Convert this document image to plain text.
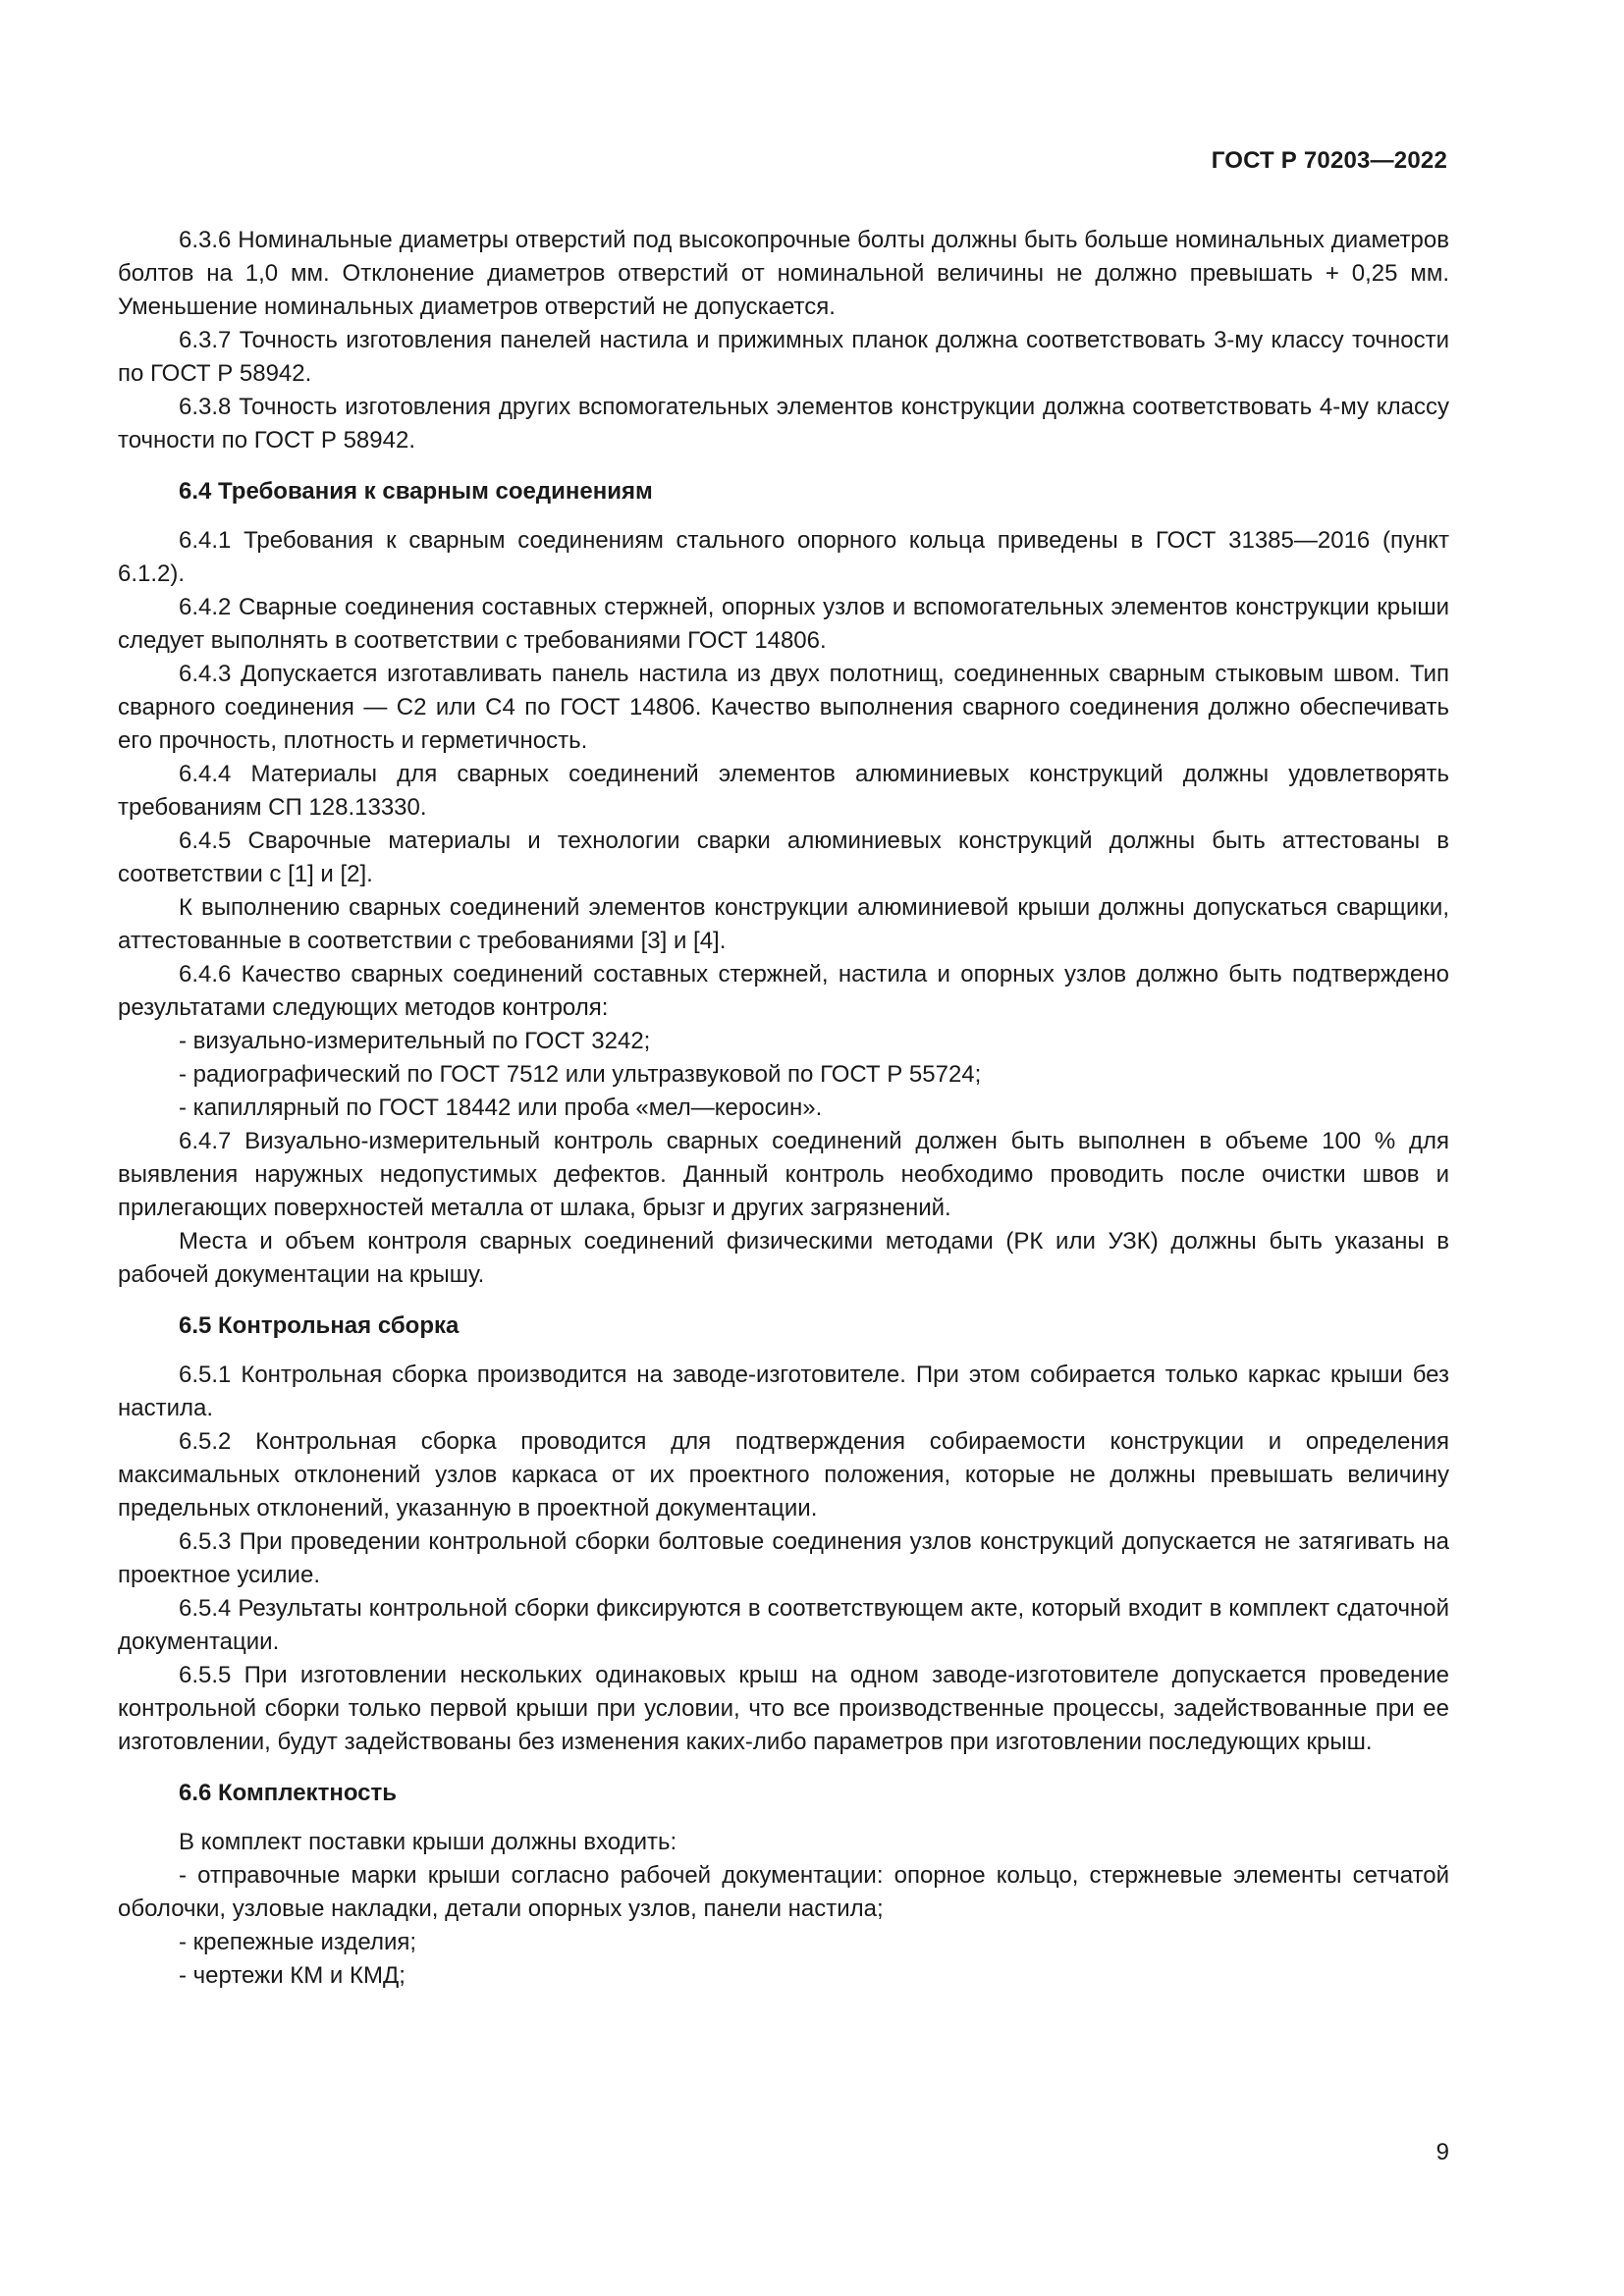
ГОСТ Р 70203—2022

6.3.6 Номинальные диаметры отверстий под высокопрочные болты должны быть больше номинальных диаметров болтов на 1,0 мм. Отклонение диаметров отверстий от номинальной величины не должно превышать + 0,25 мм. Уменьшение номинальных диаметров отверстий не допускается.

6.3.7 Точность изготовления панелей настила и прижимных планок должна соответствовать 3-му классу точности по ГОСТ Р 58942.

6.3.8 Точность изготовления других вспомогательных элементов конструкции должна соответствовать 4-му классу точности по ГОСТ Р 58942.

6.4 Требования к сварным соединениям

6.4.1 Требования к сварным соединениям стального опорного кольца приведены в ГОСТ 31385—2016 (пункт 6.1.2).

6.4.2 Сварные соединения составных стержней, опорных узлов и вспомогательных элементов конструкции крыши следует выполнять в соответствии с требованиями ГОСТ 14806.

6.4.3 Допускается изготавливать панель настила из двух полотнищ, соединенных сварным стыковым швом. Тип сварного соединения — С2 или С4 по ГОСТ 14806. Качество выполнения сварного соединения должно обеспечивать его прочность, плотность и герметичность.

6.4.4 Материалы для сварных соединений элементов алюминиевых конструкций должны удовлетворять требованиям СП 128.13330.

6.4.5 Сварочные материалы и технологии сварки алюминиевых конструкций должны быть аттестованы в соответствии с [1] и [2].

К выполнению сварных соединений элементов конструкции алюминиевой крыши должны допускаться сварщики, аттестованные в соответствии с требованиями [3] и [4].

6.4.6 Качество сварных соединений составных стержней, настила и опорных узлов должно быть подтверждено результатами следующих методов контроля:

- визуально-измерительный по ГОСТ 3242;

- радиографический по ГОСТ 7512 или ультразвуковой по ГОСТ Р 55724;

- капиллярный по ГОСТ 18442 или проба «мел—керосин».

6.4.7 Визуально-измерительный контроль сварных соединений должен быть выполнен в объеме 100 % для выявления наружных недопустимых дефектов. Данный контроль необходимо проводить после очистки швов и прилегающих поверхностей металла от шлака, брызг и других загрязнений.

Места и объем контроля сварных соединений физическими методами (РК или УЗК) должны быть указаны в рабочей документации на крышу.

6.5 Контрольная сборка

6.5.1 Контрольная сборка производится на заводе-изготовителе. При этом собирается только каркас крыши без настила.

6.5.2 Контрольная сборка проводится для подтверждения собираемости конструкции и определения максимальных отклонений узлов каркаса от их проектного положения, которые не должны превышать величину предельных отклонений, указанную в проектной документации.

6.5.3 При проведении контрольной сборки болтовые соединения узлов конструкций допускается не затягивать на проектное усилие.

6.5.4 Результаты контрольной сборки фиксируются в соответствующем акте, который входит в комплект сдаточной документации.

6.5.5 При изготовлении нескольких одинаковых крыш на одном заводе-изготовителе допускается проведение контрольной сборки только первой крыши при условии, что все производственные процессы, задействованные при ее изготовлении, будут задействованы без изменения каких-либо параметров при изготовлении последующих крыш.

6.6 Комплектность

В комплект поставки крыши должны входить:

- отправочные марки крыши согласно рабочей документации: опорное кольцо, стержневые элементы сетчатой оболочки, узловые накладки, детали опорных узлов, панели настила;

- крепежные изделия;

- чертежи КМ и КМД;

9
